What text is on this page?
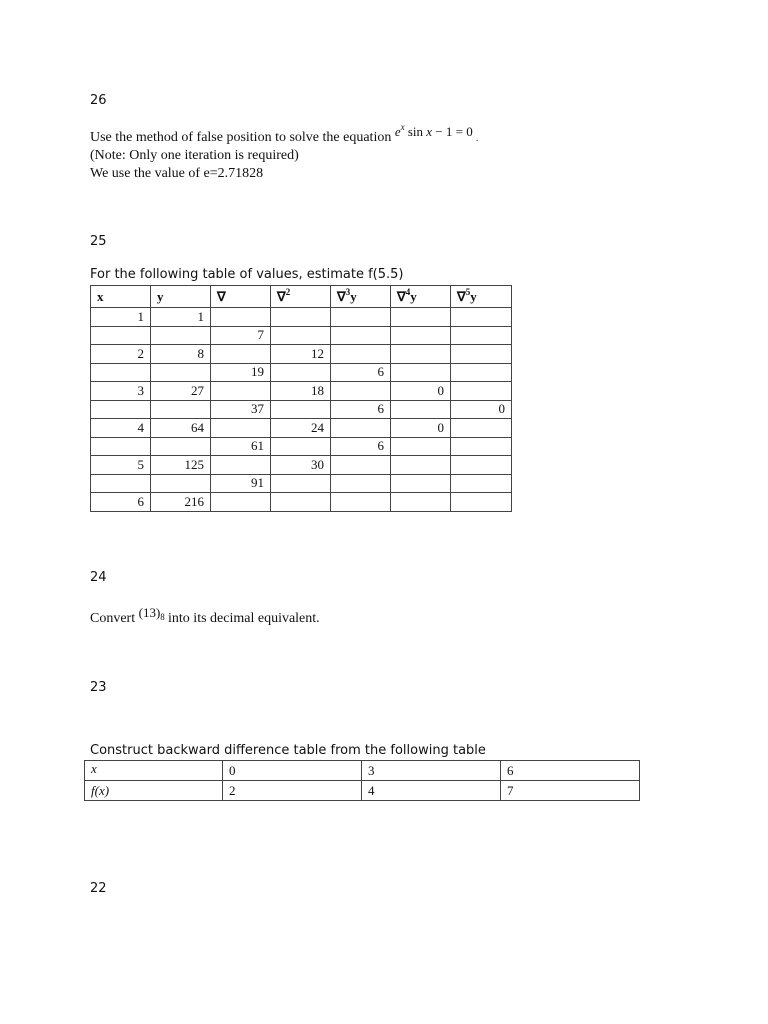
26
Use the method of false position to solve the equation $e^x$ sin x − 1 = 0 .
(Note: Only one iteration is required)
We use the value of e=2.71828
25
For the following table of values, estimate f(5.5)
x	y	∇	∇$^2$	∇$^3$y	∇$^4$y	∇$^5$y
1	1					
		7				
2	8		12			
		19		6		
3	27		18		0	
		37		6		0
4	64		24		0	
		61		6		
5	125		30			
		91				
6	216					
24
Convert $(13)_8$ into its decimal equivalent.
23
Construct backward difference table from the following table
x	0	3	6
f(x)	2	4	7
22
